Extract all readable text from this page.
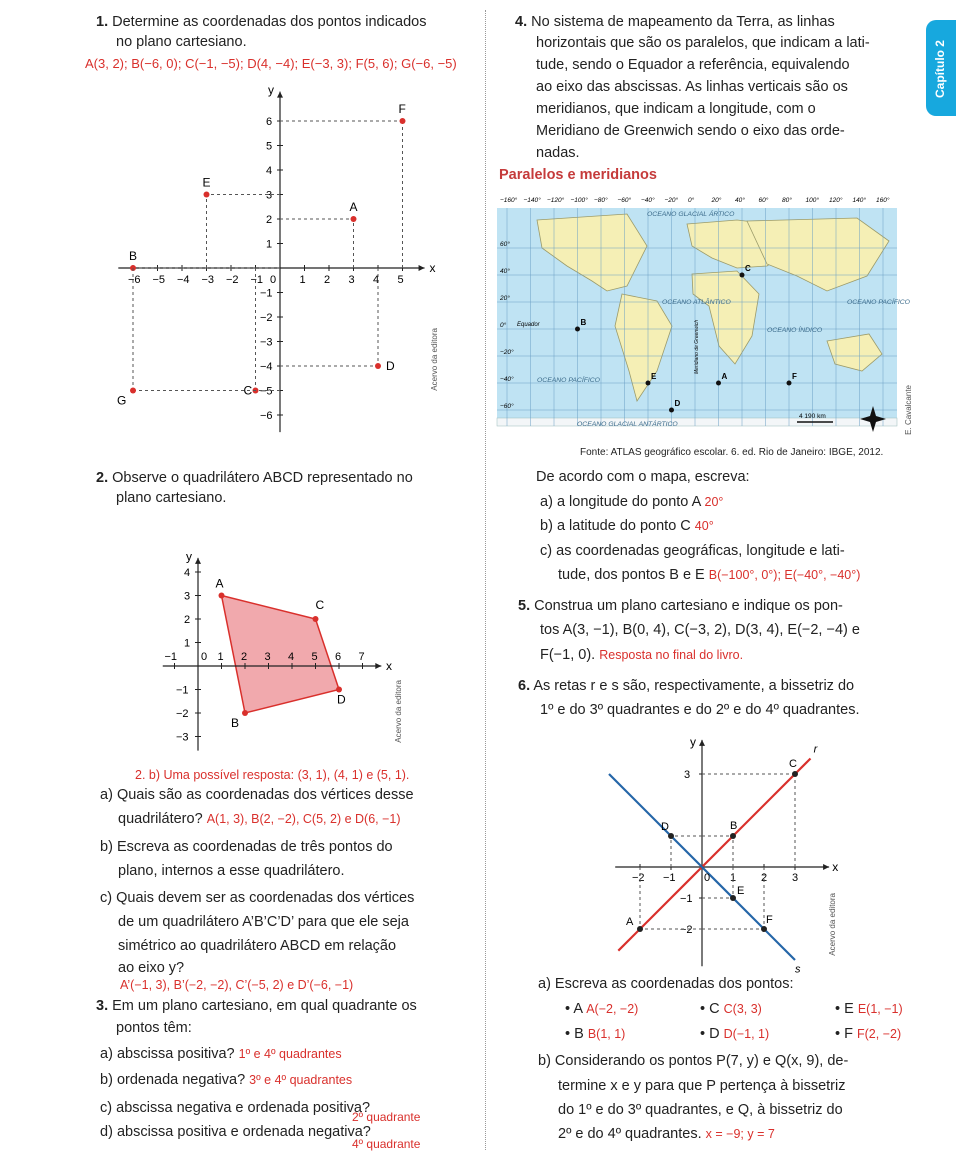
Capítulo 2
1. Determine as coordenadas dos pontos indicados
no plano cartesiano.
A(3, 2); B(−6, 0); C(−1, −5); D(4, −4); E(−3, 3); F(5, 6); G(−6, −5)
x
y
−6 −5 −4 −3 −2 −1	1 2 3 4 5
0
−6
−5
−4
−3
−2
−1
1
2
3
4
5
6
A
B
C
D
E
F
G
Acervo da editora
2. Observe o quadrilátero ABCD representado no
plano cartesiano.
x
y
−1	1 2 3 4 5 6 7
0
−3
−2
−1
1
2
3
4
A
B
C
D	Acervo da editora
2. b) Uma possível resposta: (3, 1), (4, 1) e (5, 1).
a) Quais são as coordenadas dos vértices desse
quadrilátero? A(1, 3), B(2, −2), C(5, 2) e D(6, −1)
b) Escreva as coordenadas de três pontos do
plano, internos a esse quadrilátero.
c) Quais devem ser as coordenadas dos vértices
de um quadrilátero A’B’C’D’ para que ele seja
simétrico ao quadrilátero ABCD em relação
ao eixo y?
A’(−1, 3), B’(−2, −2), C’(−5, 2) e D’(−6, −1)
3. Em um plano cartesiano, em qual quadrante os
pontos têm:
a) abscissa positiva? 1º e 4º quadrantes
b) ordenada negativa? 3º e 4º quadrantes
c) abscissa negativa e ordenada positiva?
2º quadrante
d) abscissa positiva e ordenada negativa?
4º quadrante
4. No sistema de mapeamento da Terra, as linhas
horizontais que são os paralelos, que indicam a lati-
tude, sendo o Equador a referência, equivalendo
ao eixo das abscissas. As linhas verticais são os
meridianos, que indicam a longitude, com o
Meridiano de Greenwich sendo o eixo das orde-
nadas.
Paralelos e meridianos
−160° −140° −120° −100° −80° −60° −40° −20° 0°	20° 40° 60° 80° 100° 120° 140° 160°
60°
40°
20°
0°
−20°
−40°
−60°
Equador	Meridiano de Greenwich
OCEANO GLACIAL ÁRTICO
OCEANO ATLÂNTICO
OCEANO PACÍFICO
OCEANO ÍNDICO
OCEANO PACÍFICO
OCEANO GLACIAL ANTÁRTICO
A
B
C
D
E	F
4 190 km	E. Cavalcante
Fonte: ATLAS geográfico escolar. 6. ed. Rio de Janeiro: IBGE, 2012.
De acordo com o mapa, escreva:
a) a longitude do ponto A 20°
b) a latitude do ponto C 40°
c) as coordenadas geográficas, longitude e lati-
tude, dos pontos B e E B(−100°, 0°); E(−40°, −40°)
5. Construa um plano cartesiano e indique os pon-
tos A(3, −1), B(0, 4), C(−3, 2), D(3, 4), E(−2, −4) e
F(−1, 0). Resposta no final do livro.
6. As retas r e s são, respectivamente, a bissetriz do
1º e do 3º quadrantes e do 2º e do 4º quadrantes.
x
y
r
s
−2 −1	1 2 3
−2
−1
3
0
A
B
C
D
E
F	Acervo da editora
a) Escreva as coordenadas dos pontos:
• A A(−2, −2)	• C C(3, 3)	• E E(1, −1)
• B B(1, 1)	• D D(−1, 1)	• F F(2, −2)
b) Considerando os pontos P(7, y) e Q(x, 9), de-
termine x e y para que P pertença à bissetriz
do 1º e do 3º quadrantes, e Q, à bissetriz do
2º e do 4º quadrantes. x = −9; y = 7
